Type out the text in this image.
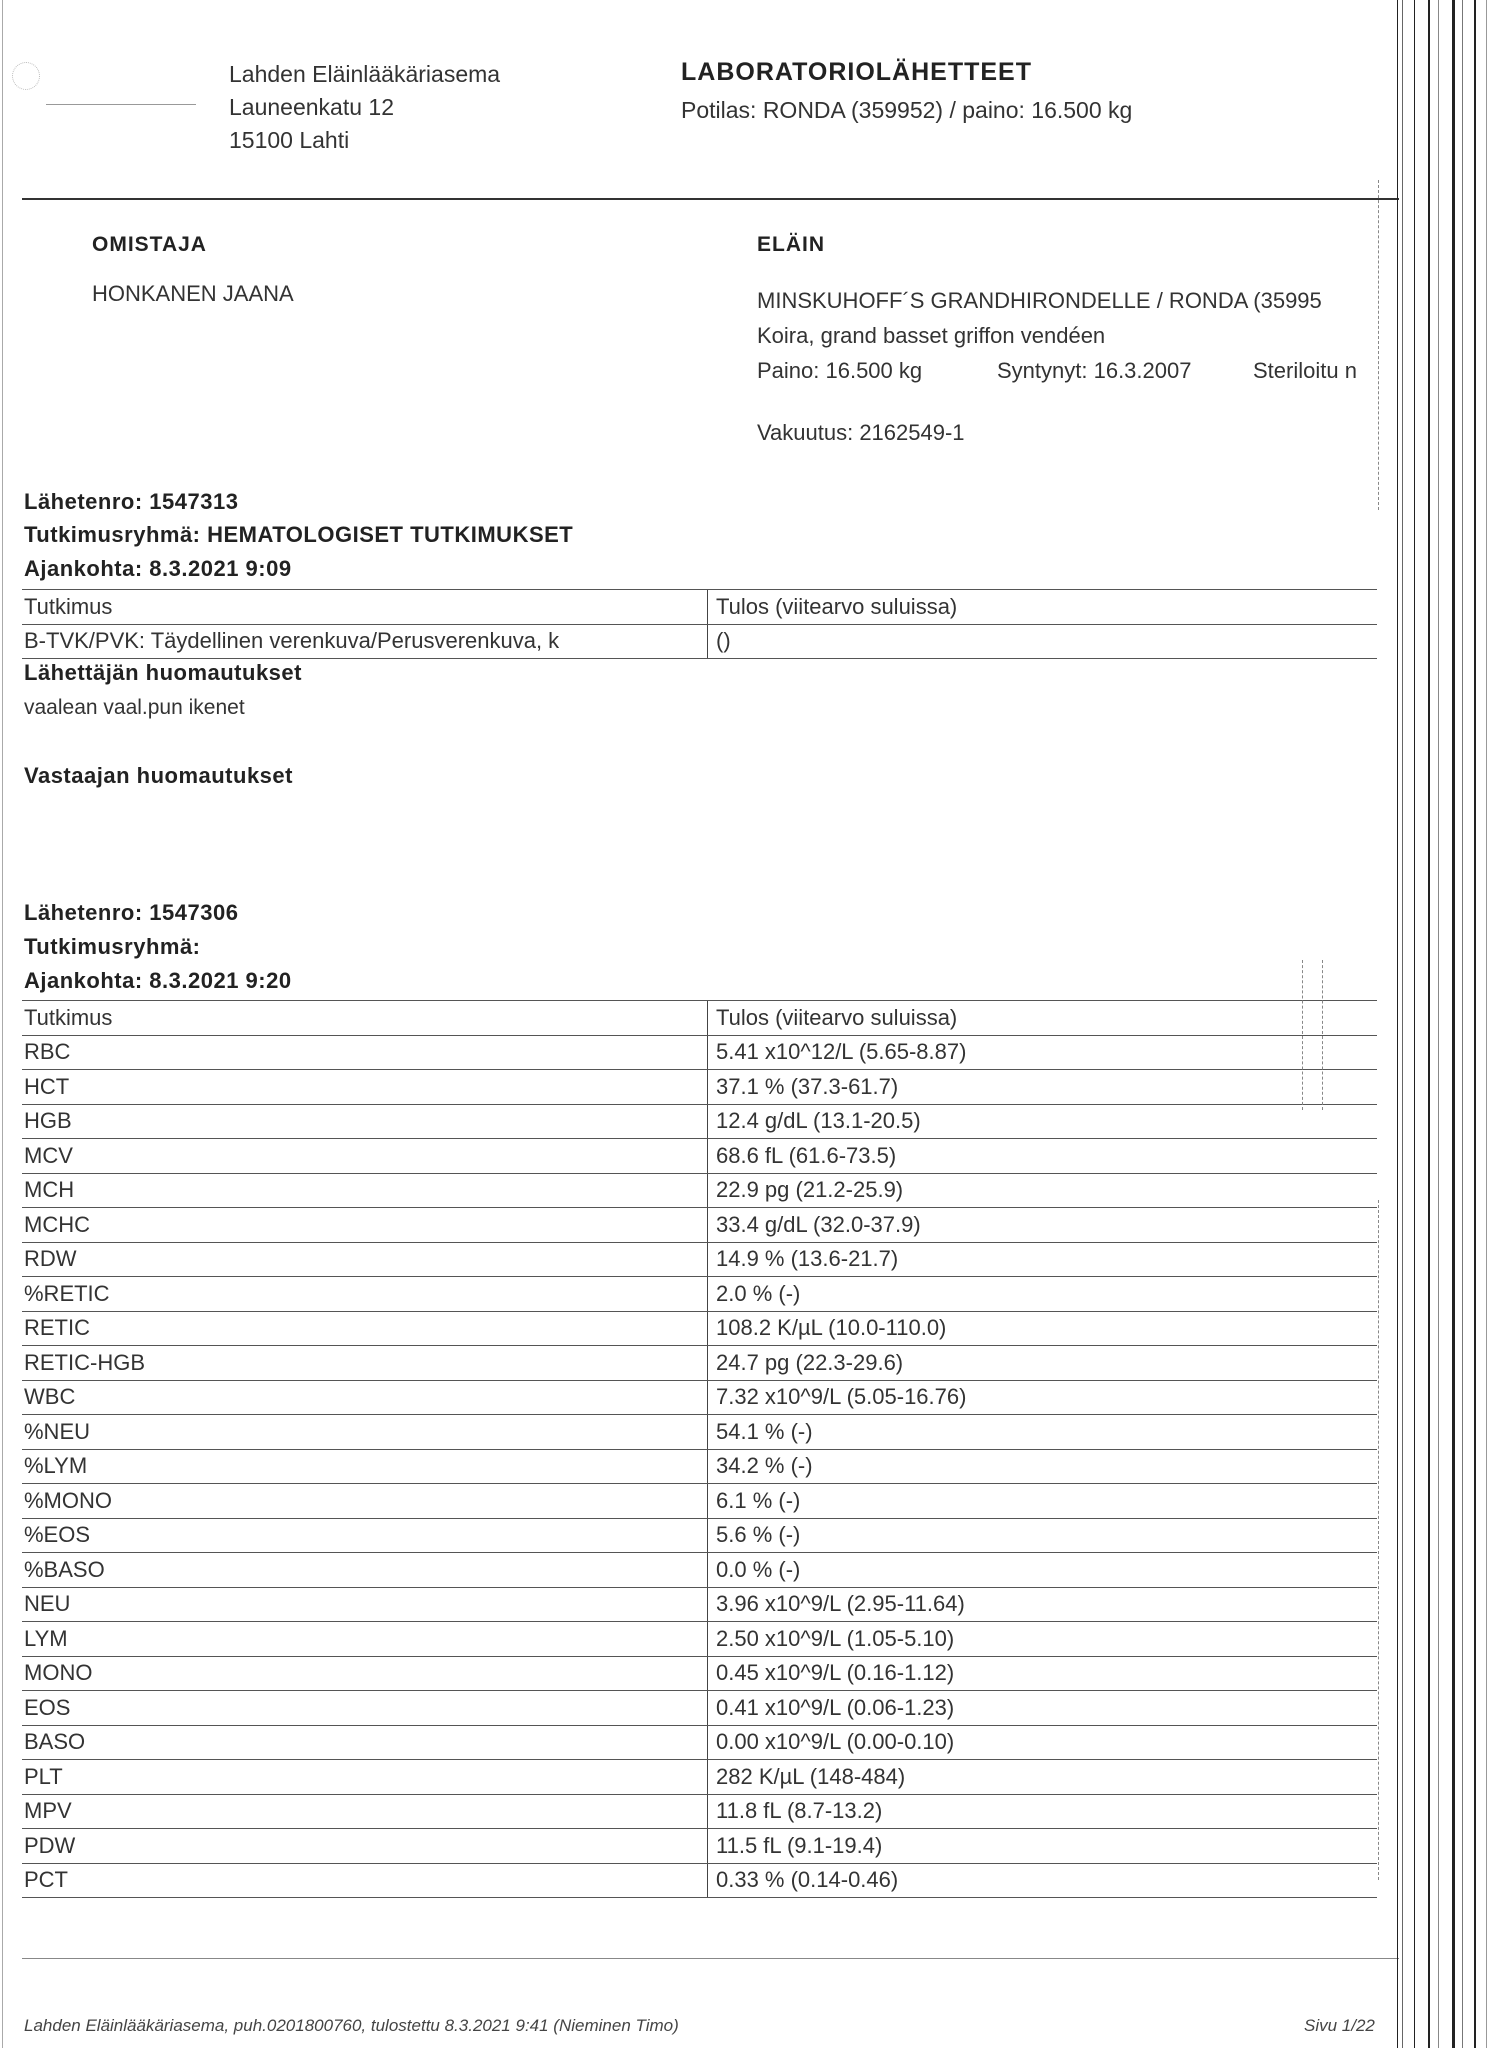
Lahden Eläinlääkäriasema
Launeenkatu 12
15100 Lahti
LABORATORIOLÄHETTEET
Potilas: RONDA (359952) / paino: 16.500 kg
OMISTAJA
HONKANEN JAANA
ELÄIN
MINSKUHOFF´S GRANDHIRONDELLE / RONDA (35995
Koira, grand basset griffon vendéen
Paino: 16.500 kg	Syntynyt: 16.3.2007	Steriloitu n
Vakuutus: 2162549-1
Lähetenro: 1547313
Tutkimusryhmä: HEMATOLOGISET TUTKIMUKSET
Ajankohta: 8.3.2021 9:09
Tutkimus	Tulos (viitearvo suluissa)
B-TVK/PVK: Täydellinen verenkuva/Perusverenkuva, k	()
Lähettäjän huomautukset
vaalean vaal.pun ikenet
Vastaajan huomautukset
Lähetenro: 1547306
Tutkimusryhmä:
Ajankohta: 8.3.2021 9:20
Tutkimus	Tulos (viitearvo suluissa)
RBC	5.41 x10^12/L (5.65-8.87)
HCT	37.1 % (37.3-61.7)
HGB	12.4 g/dL (13.1-20.5)
MCV	68.6 fL (61.6-73.5)
MCH	22.9 pg (21.2-25.9)
MCHC	33.4 g/dL (32.0-37.9)
RDW	14.9 % (13.6-21.7)
%RETIC	2.0 % (-)
RETIC	108.2 K/µL (10.0-110.0)
RETIC-HGB	24.7 pg (22.3-29.6)
WBC	7.32 x10^9/L (5.05-16.76)
%NEU	54.1 % (-)
%LYM	34.2 % (-)
%MONO	6.1 % (-)
%EOS	5.6 % (-)
%BASO	0.0 % (-)
NEU	3.96 x10^9/L (2.95-11.64)
LYM	2.50 x10^9/L (1.05-5.10)
MONO	0.45 x10^9/L (0.16-1.12)
EOS	0.41 x10^9/L (0.06-1.23)
BASO	0.00 x10^9/L (0.00-0.10)
PLT	282 K/µL (148-484)
MPV	11.8 fL (8.7-13.2)
PDW	11.5 fL (9.1-19.4)
PCT	0.33 % (0.14-0.46)
Lahden Eläinlääkäriasema, puh.0201800760, tulostettu 8.3.2021 9:41 (Nieminen Timo)	Sivu 1/22
